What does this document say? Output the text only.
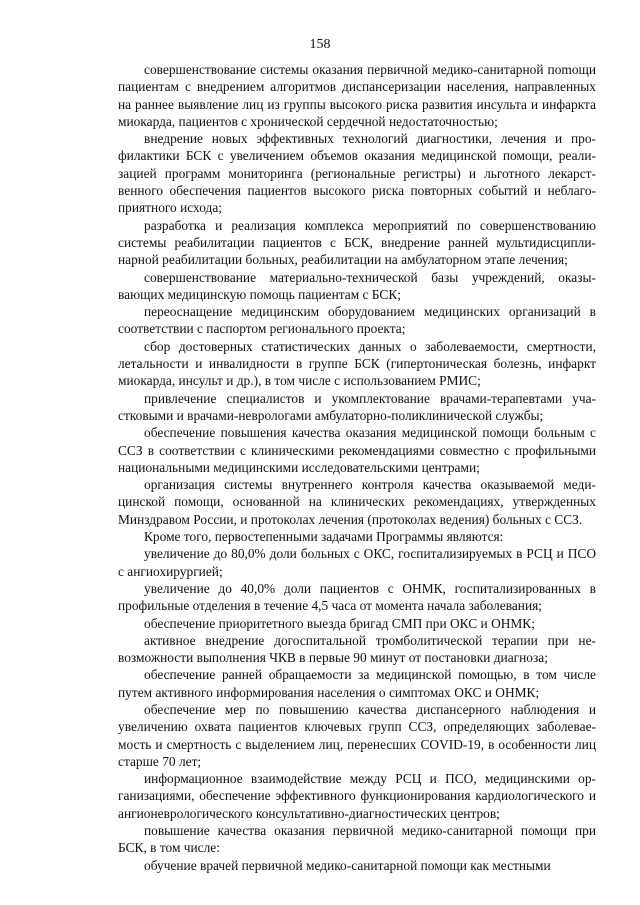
158

совершенствование системы оказания первичной медико-санитарной поmощи пациентам с внедрением алгоритмов диспансеризации населения, направленных на раннее выявление лиц из группы высокого риска развития инсульта и инфаркта миокарда, пациентов с хронической сердечной недостаточностью;

внедрение новых эффективных технологий диагностики, лечения и профилактики БСК с увеличением объемов оказания медицинской помощи, реализацией программ мониторинга (региональные регистры) и льготного лекарственного обеспечения пациентов высокого риска повторных событий и неблагоприятного исхода;

разработка и реализация комплекса мероприятий по совершенствованию системы реабилитации пациентов с БСК, внедрение ранней мультидисциплинарной реабилитации больных, реабилитации на амбулаторном этапе лечения;

совершенствование материально-технической базы учреждений, оказывающих медицинскую помощь пациентам с БСК;

переоснащение медицинским оборудованием медицинских организаций в соответствии с паспортом регионального проекта;

сбор достоверных статистических данных о заболеваемости, смертности, летальности и инвалидности в группе БСК (гипертоническая болезнь, инфаркт миокарда, инсульт и др.), в том числе с использованием РМИС;

привлечение специалистов и укомплектование врачами-терапевтами участковыми и врачами-неврологами амбулаторно-поликлинической службы;

обеспечение повышения качества оказания медицинской помощи больным с ССЗ в соответствии с клиническими рекомендациями совместно с профильными национальными медицинскими исследовательскими центрами;

организация системы внутреннего контроля качества оказываемой медицинской помощи, основанной на клинических рекомендациях, утвержденных Минздравом России, и протоколах лечения (протоколах ведения) больных с ССЗ.

Кроме того, первостепенными задачами Программы являются:

увеличение до 80,0% доли больных с ОКС, госпитализируемых в РСЦ и ПСО с ангиохирургией;

увеличение до 40,0% доли пациентов с ОНМК, госпитализированных в профильные отделения в течение 4,5 часа от момента начала заболевания;

обеспечение приоритетного выезда бригад СМП при ОКС и ОНМК;

активное внедрение догоспитальной тромболитической терапии при невозможности выполнения ЧКВ в первые 90 минут от постановки диагноза;

обеспечение ранней обращаемости за медицинской помощью, в том числе путем активного информирования населения о симптомах ОКС и ОНМК;

обеспечение мер по повышению качества диспансерного наблюдения и увеличению охвата пациентов ключевых групп ССЗ, определяющих заболеваемость и смертность с выделением лиц, перенесших COVID-19, в особенности лиц старше 70 лет;

информационное взаимодействие между РСЦ и ПСО, медицинскими организациями, обеспечение эффективного функционирования кардиологического и ангионеврологического консультативно-диагностических центров;

повышение качества оказания первичной медико-санитарной помощи при БСК, в том числе:

обучение врачей первичной медико-санитарной помощи как местными
